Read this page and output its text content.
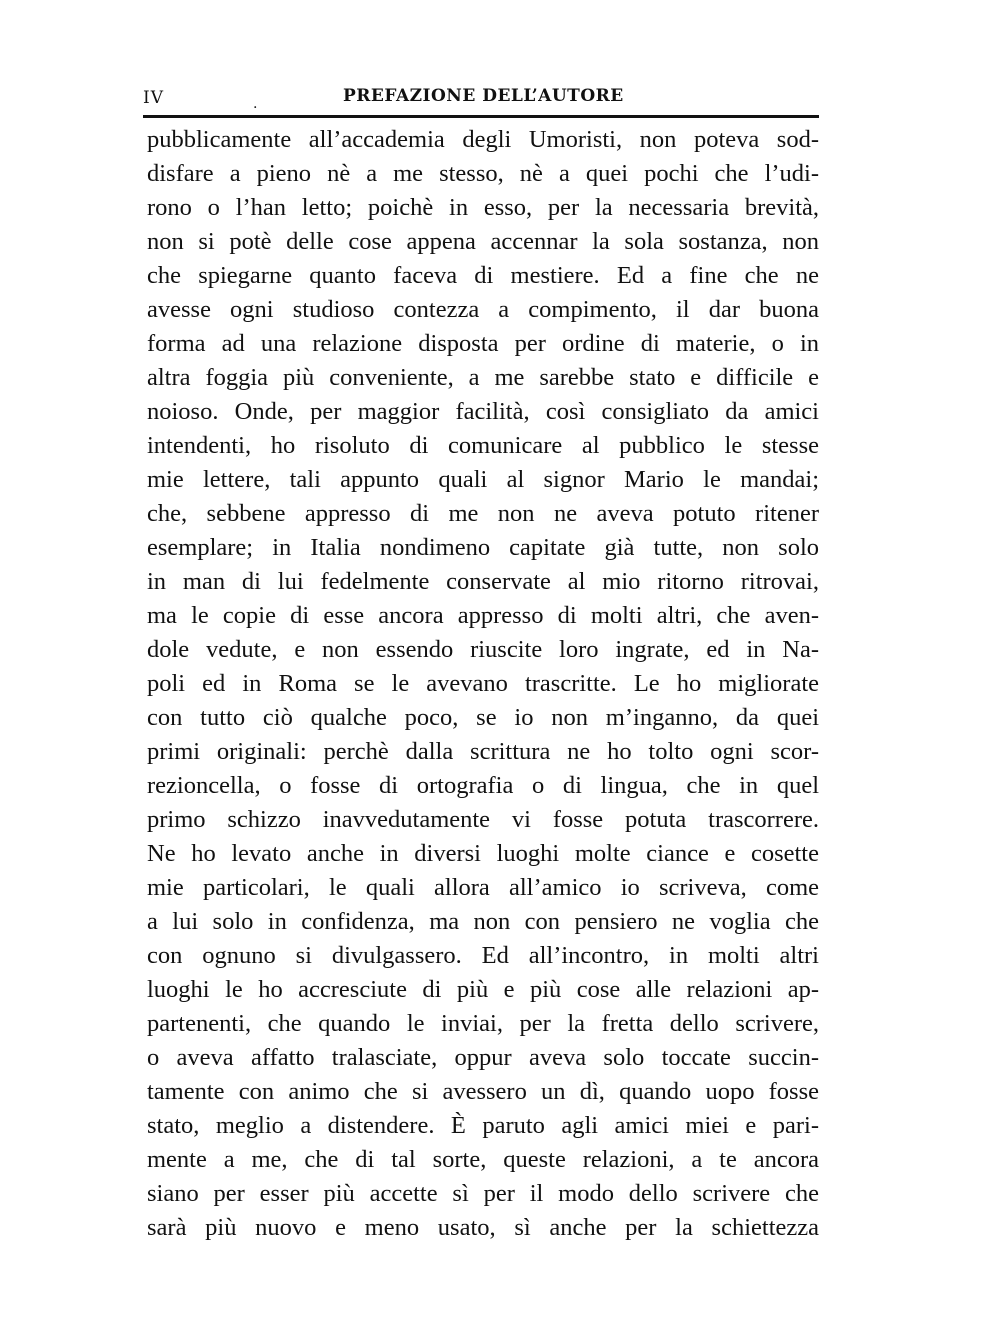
IV	.	PREFAZIONE DELL’AUTORE
pubblicamente all’accademia degli Umoristi, non poteva sod-
disfare a pieno nè a me stesso, nè a quei pochi che l’udi-
rono o l’han letto; poichè in esso, per la necessaria brevità,
non si potè delle cose appena accennar la sola sostanza, non
che spiegarne quanto faceva di mestiere. Ed a fine che ne
avesse ogni studioso contezza a compimento, il dar buona
forma ad una relazione disposta per ordine di materie, o in
altra foggia più conveniente, a me sarebbe stato e difficile e
noioso. Onde, per maggior facilità, così consigliato da amici
intendenti, ho risoluto di comunicare al pubblico le stesse
mie lettere, tali appunto quali al signor Mario le mandai;
che, sebbene appresso di me non ne aveva potuto ritener
esemplare; in Italia nondimeno capitate già tutte, non solo
in man di lui fedelmente conservate al mio ritorno ritrovai,
ma le copie di esse ancora appresso di molti altri, che aven-
dole vedute, e non essendo riuscite loro ingrate, ed in Na-
poli ed in Roma se le avevano trascritte. Le ho migliorate
con tutto ciò qualche poco, se io non m’inganno, da quei
primi originali: perchè dalla scrittura ne ho tolto ogni scor-
rezioncella, o fosse di ortografia o di lingua, che in quel
primo schizzo inavvedutamente vi fosse potuta trascorrere.
Ne ho levato anche in diversi luoghi molte ciance e cosette
mie particolari, le quali allora all’amico io scriveva, come
a lui solo in confidenza, ma non con pensiero ne voglia che
con ognuno si divulgassero. Ed all’incontro, in molti altri
luoghi le ho accresciute di più e più cose alle relazioni ap-
partenenti, che quando le inviai, per la fretta dello scrivere,
o aveva affatto tralasciate, oppur aveva solo toccate succin-
tamente con animo che si avessero un dì, quando uopo fosse
stato, meglio a distendere. È paruto agli amici miei e pari-
mente a me, che di tal sorte, queste relazioni, a te ancora
siano per esser più accette sì per il modo dello scrivere che
sarà più nuovo e meno usato, sì anche per la schiettezza
